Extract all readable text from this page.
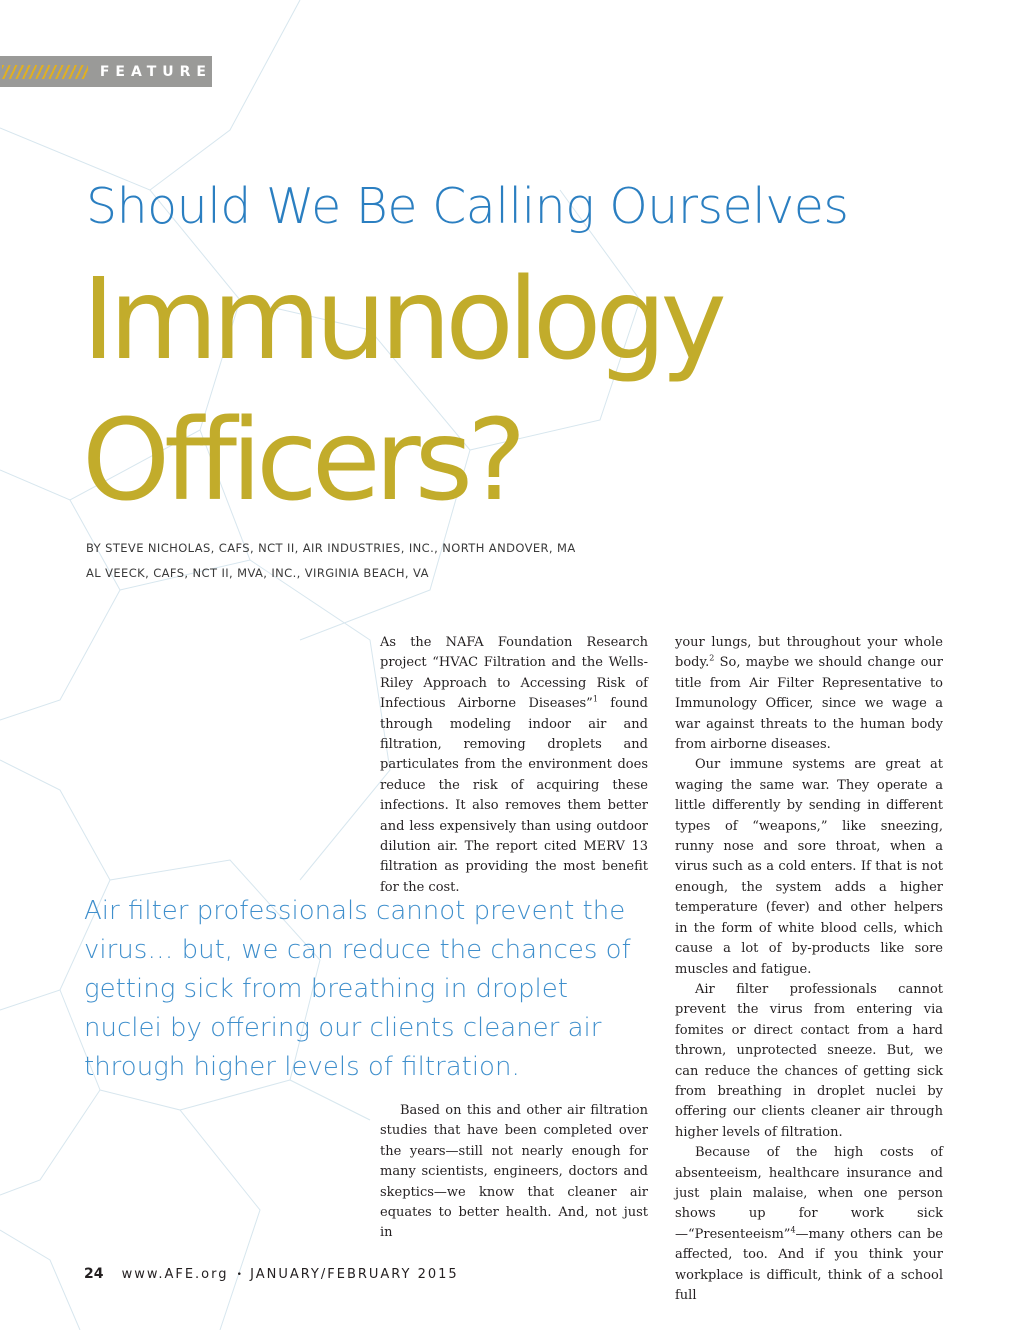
FEATURE
Should We Be Calling Ourselves
Immunology
Officers?
BY STEVE NICHOLAS, CAFS, NCT II, AIR INDUSTRIES, INC., NORTH ANDOVER, MA
AL VEECK, CAFS, NCT II, MVA, INC., VIRGINIA BEACH, VA

As the NAFA Foundation Research project “HVAC Filtration and the Wells-Riley Approach to Accessing Risk of Infectious Airborne Diseases”$^1$ found through modeling indoor air and filtration, removing droplets and particulates from the environment does reduce the risk of acquiring these infections. It also removes them better and less expensively than using outdoor dilution air. The report cited MERV 13 filtration as providing the most benefit for the cost.

Air filter professionals cannot prevent the virus… but, we can reduce the chances of getting sick from breathing in droplet nuclei by offering our clients cleaner air through higher levels of filtration.

Based on this and other air filtration studies that have been completed over the years—still not nearly enough for many scientists, engineers, doctors and skeptics—we know that cleaner air equates to better health. And, not just in

your lungs, but throughout your whole body.$^2$ So, maybe we should change our title from Air Filter Representative to Immunology Officer, since we wage a war against threats to the human body from airborne diseases.

Our immune systems are great at waging the same war. They operate a little differently by sending in different types of “weapons,” like sneezing, runny nose and sore throat, when a virus such as a cold enters. If that is not enough, the system adds a higher temperature (fever) and other helpers in the form of white blood cells, which cause a lot of by-products like sore muscles and fatigue.

Air filter professionals cannot prevent the virus from entering via fomites or direct contact from a hard thrown, unprotected sneeze. But, we can reduce the chances of getting sick from breathing in droplet nuclei by offering our clients cleaner air through higher levels of filtration.

Because of the high costs of absenteeism, healthcare insurance and just plain malaise, when one person shows up for work sick—“Presenteeism”$^4$—many others can be affected, too. And if you think your workplace is difficult, think of a school full

24 www.AFE.org • JANUARY/FEBRUARY 2015
